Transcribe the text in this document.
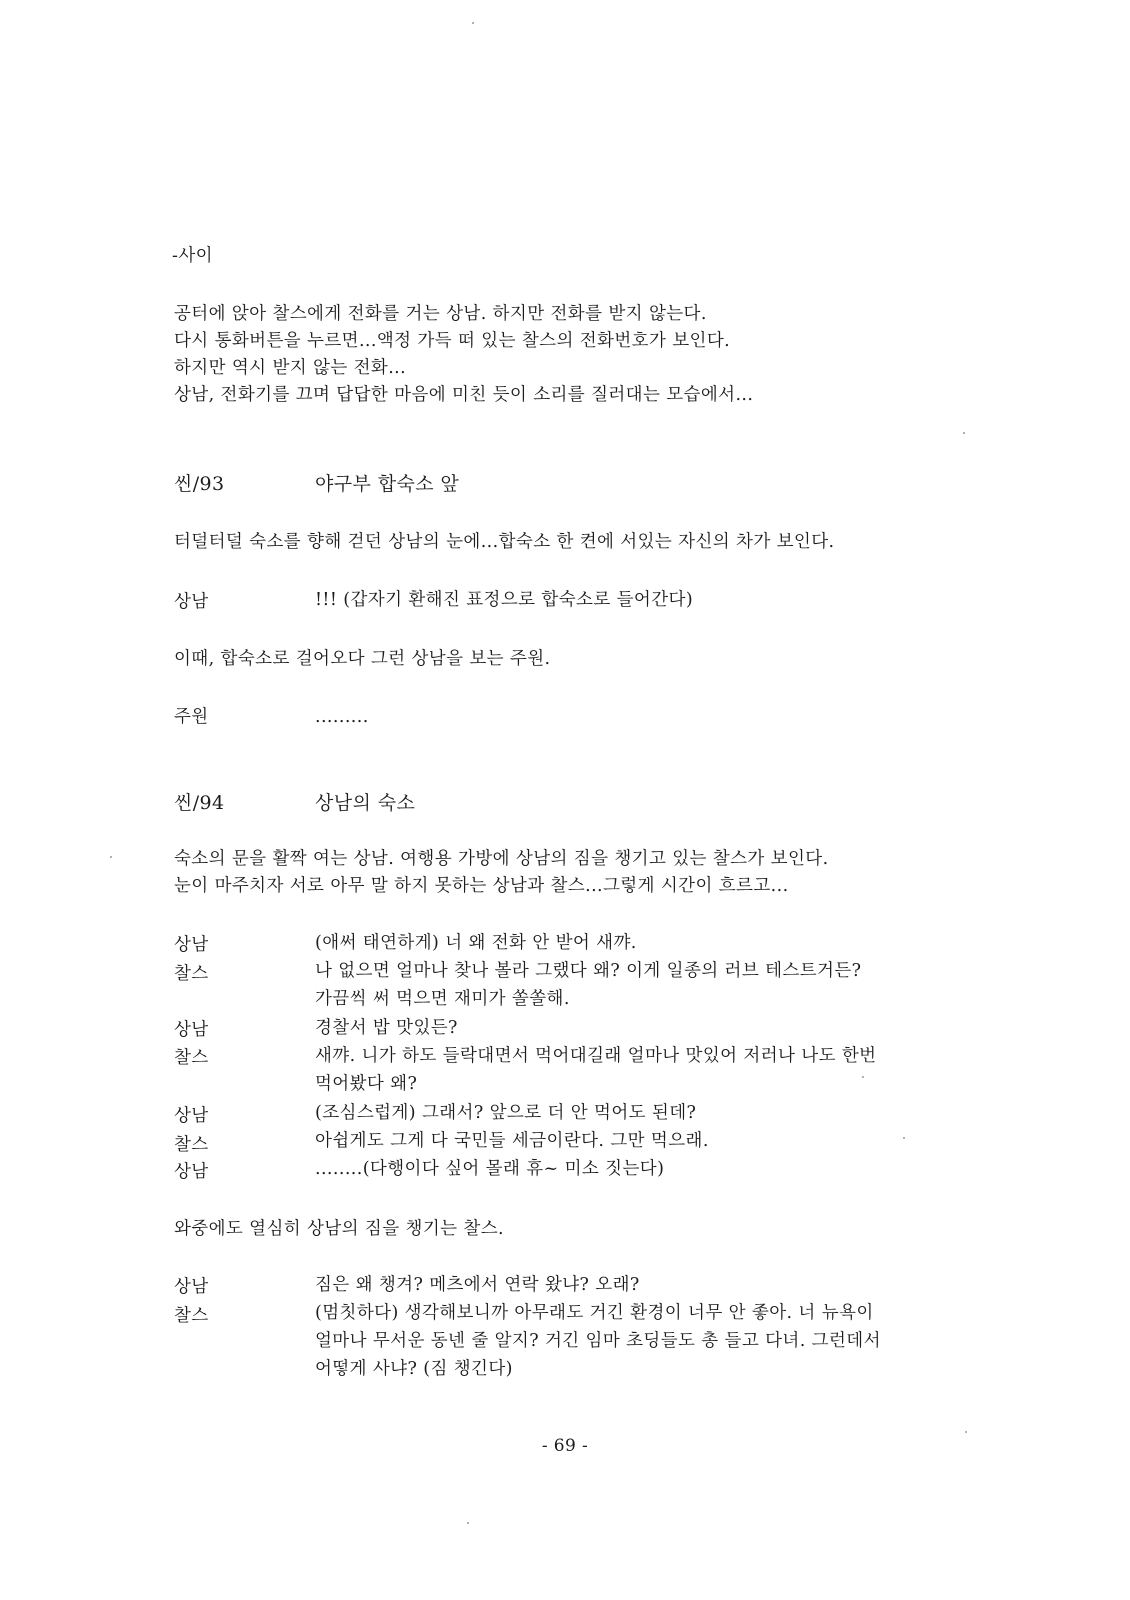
-사이
공터에 앉아 찰스에게 전화를 거는 상남. 하지만 전화를 받지 않는다.
다시 통화버튼을 누르면...액정 가득 떠 있는 찰스의 전화번호가 보인다.
하지만 역시 받지 않는 전화...
상남, 전화기를 끄며 답답한 마음에 미친 듯이 소리를 질러대는 모습에서...
씬/93	야구부 합숙소 앞
터덜터덜 숙소를 향해 걷던 상남의 눈에...합숙소 한 켠에 서있는 자신의 차가 보인다.
상남	!!! (갑자기 환해진 표정으로 합숙소로 들어간다)
이때, 합숙소로 걸어오다 그런 상남을 보는 주원.
주원	.........
씬/94	상남의 숙소
숙소의 문을 활짝 여는 상남. 여행용 가방에 상남의 짐을 챙기고 있는 찰스가 보인다.
눈이 마주치자 서로 아무 말 하지 못하는 상남과 찰스...그렇게 시간이 흐르고...
상남	(애써 태연하게) 너 왜 전화 안 받어 새꺄.
찰스	나 없으면 얼마나 찾나 볼라 그랬다 왜? 이게 일종의 러브 테스트거든?
가끔씩 써 먹으면 재미가 쏠쏠해.
상남	경찰서 밥 맛있든?
찰스	새꺄. 니가 하도 들락대면서 먹어대길래 얼마나 맛있어 저러나 나도 한번
먹어봤다 왜?
상남	(조심스럽게) 그래서? 앞으로 더 안 먹어도 된데?
찰스	아쉽게도 그게 다 국민들 세금이란다. 그만 먹으래.
상남	........(다행이다 싶어 몰래 휴~ 미소 짓는다)
와중에도 열심히 상남의 짐을 챙기는 찰스.
상남	짐은 왜 챙겨? 메츠에서 연락 왔냐? 오래?
찰스	(멈칫하다) 생각해보니까 아무래도 거긴 환경이 너무 안 좋아. 너 뉴욕이
얼마나 무서운 동넨 줄 알지? 거긴 임마 초딩들도 총 들고 다녀. 그런데서
어떻게 사냐? (짐 챙긴다)
- 69 -
